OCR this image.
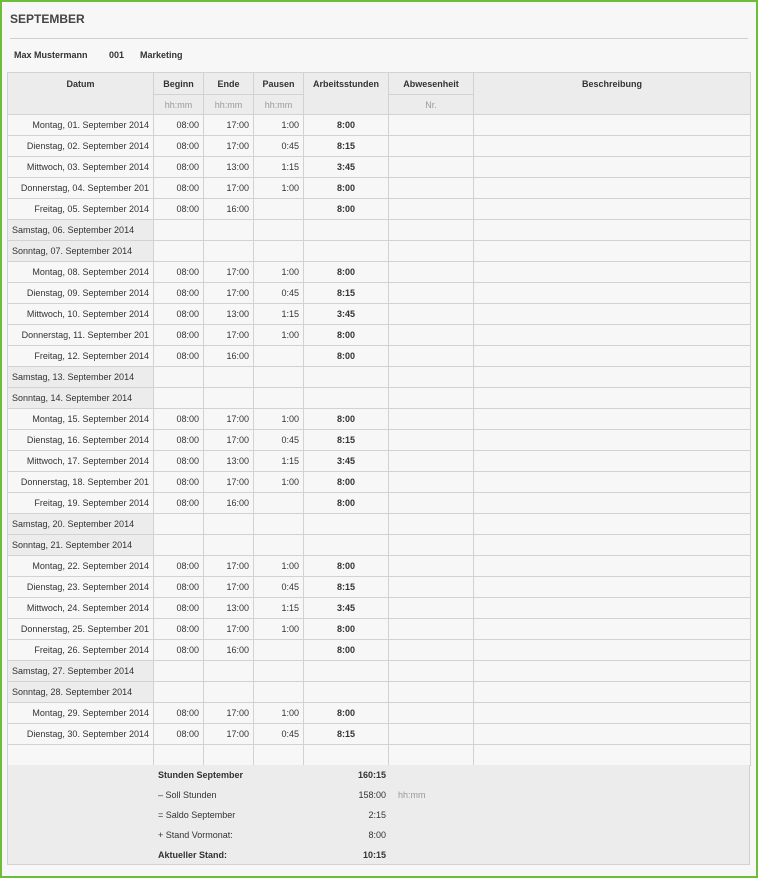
SEPTEMBER
Max Mustermann	001	Marketing
Datum	Beginn	Ende	Pausen	Arbeitsstunden	Abwesenheit	Beschreibung
	hh:mm	hh:mm	hh:mm		Nr.	
Montag, 01. September 2014	08:00	17:00	1:00	8:00		
Dienstag, 02. September 2014	08:00	17:00	0:45	8:15		
Mittwoch, 03. September 2014	08:00	13:00	1:15	3:45		
Donnerstag, 04. September 201	08:00	17:00	1:00	8:00		
Freitag, 05. September 2014	08:00	16:00		8:00		
Samstag, 06. September 2014						
Sonntag, 07. September 2014						
Montag, 08. September 2014	08:00	17:00	1:00	8:00		
Dienstag, 09. September 2014	08:00	17:00	0:45	8:15		
Mittwoch, 10. September 2014	08:00	13:00	1:15	3:45		
Donnerstag, 11. September 201	08:00	17:00	1:00	8:00		
Freitag, 12. September 2014	08:00	16:00		8:00		
Samstag, 13. September 2014						
Sonntag, 14. September 2014						
Montag, 15. September 2014	08:00	17:00	1:00	8:00		
Dienstag, 16. September 2014	08:00	17:00	0:45	8:15		
Mittwoch, 17. September 2014	08:00	13:00	1:15	3:45		
Donnerstag, 18. September 201	08:00	17:00	1:00	8:00		
Freitag, 19. September 2014	08:00	16:00		8:00		
Samstag, 20. September 2014						
Sonntag, 21. September 2014						
Montag, 22. September 2014	08:00	17:00	1:00	8:00		
Dienstag, 23. September 2014	08:00	17:00	0:45	8:15		
Mittwoch, 24. September 2014	08:00	13:00	1:15	3:45		
Donnerstag, 25. September 201	08:00	17:00	1:00	8:00		
Freitag, 26. September 2014	08:00	16:00		8:00		
Samstag, 27. September 2014						
Sonntag, 28. September 2014						
Montag, 29. September 2014	08:00	17:00	1:00	8:00		
Dienstag, 30. September 2014	08:00	17:00	0:45	8:15		

Stunden September	160:15
– Soll Stunden	158:00 hh:mm
= Saldo September	2:15
+ Stand Vormonat:	8:00
Aktueller Stand:	10:15
